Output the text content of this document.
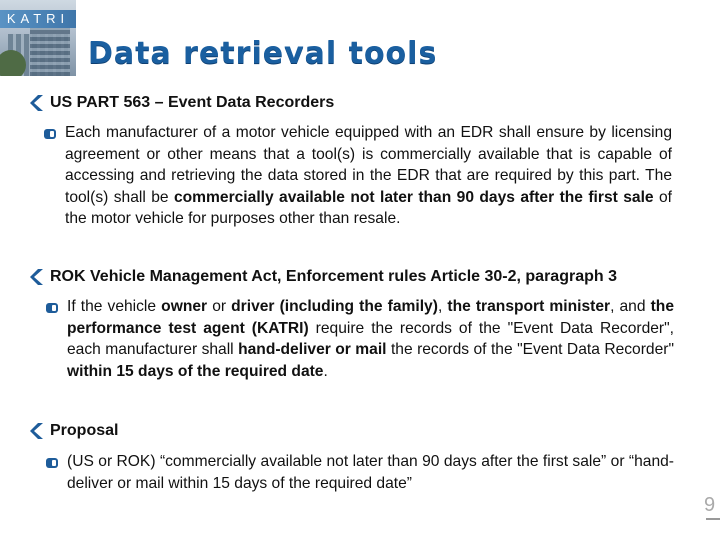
KATRI
Data retrieval tools
US PART 563 – Event Data Recorders
Each manufacturer of a motor vehicle equipped with an EDR shall ensure by licensing agreement or other means that a tool(s) is commercially available that is capable of accessing and retrieving the data stored in the EDR that are required by this part. The tool(s) shall be commercially available not later than 90 days after the first sale of the motor vehicle for purposes other than resale.
ROK Vehicle Management Act, Enforcement rules Article 30-2, paragraph 3
If the vehicle owner or driver (including the family), the transport minister, and the performance test agent (KATRI) require the records of the "Event Data Recorder", each manufacturer shall hand-deliver or mail the records of the "Event Data Recorder" within 15 days of the required date.
Proposal
(US or ROK) “commercially available not later than 90 days after the first sale” or “hand-deliver or mail within 15 days of the required date”
9
